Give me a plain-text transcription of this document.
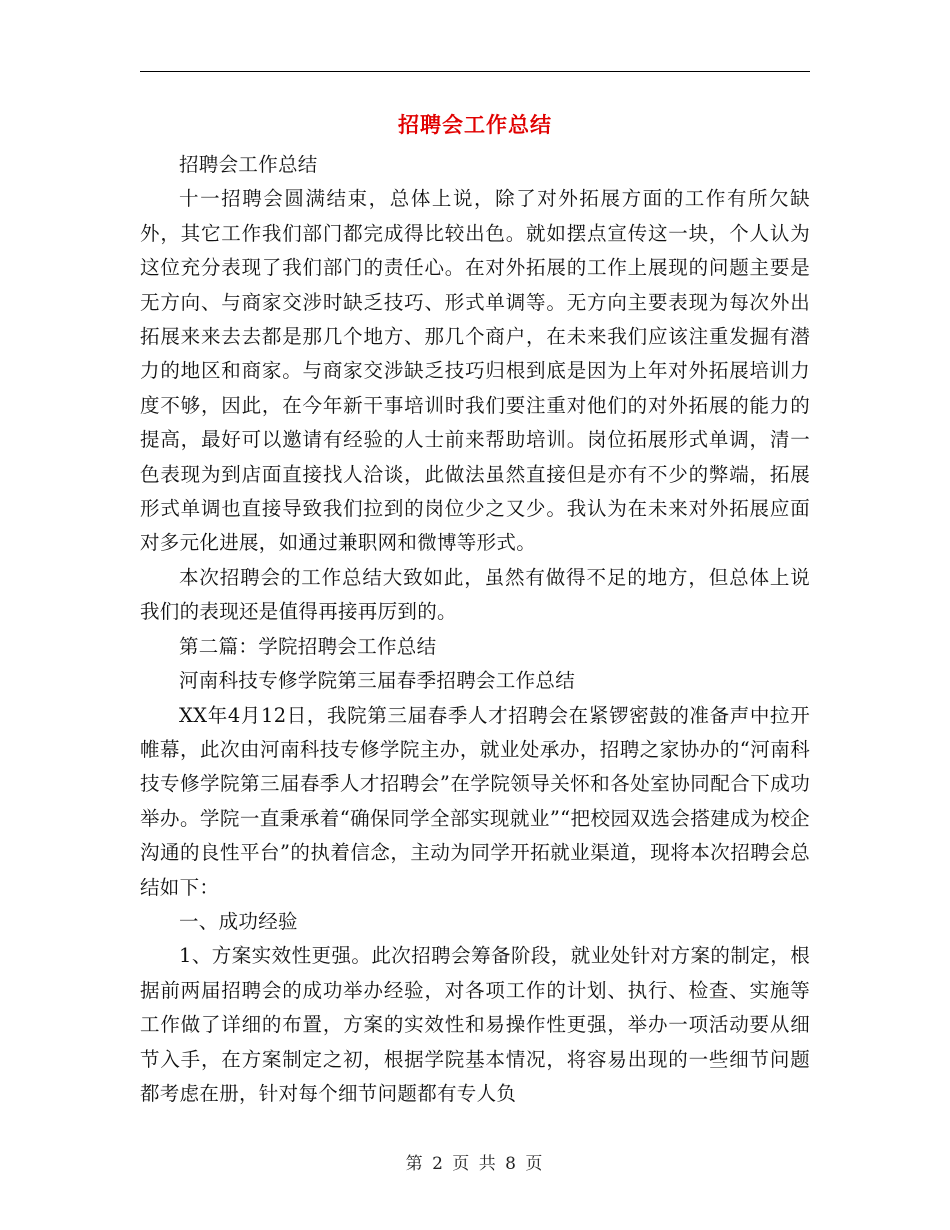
招聘会工作总结

招聘会工作总结

十一招聘会圆满结束，总体上说，除了对外拓展方面的工作有所欠缺外，其它工作我们部门都完成得比较出色。就如摆点宣传这一块，个人认为这位充分表现了我们部门的责任心。在对外拓展的工作上展现的问题主要是无方向、与商家交涉时缺乏技巧、形式单调等。无方向主要表现为每次外出拓展来来去去都是那几个地方、那几个商户，在未来我们应该注重发掘有潜力的地区和商家。与商家交涉缺乏技巧归根到底是因为上年对外拓展培训力度不够，因此，在今年新干事培训时我们要注重对他们的对外拓展的能力的提高，最好可以邀请有经验的人士前来帮助培训。岗位拓展形式单调，清一色表现为到店面直接找人洽谈，此做法虽然直接但是亦有不少的弊端，拓展形式单调也直接导致我们拉到的岗位少之又少。我认为在未来对外拓展应面对多元化进展，如通过兼职网和微博等形式。

本次招聘会的工作总结大致如此，虽然有做得不足的地方，但总体上说我们的表现还是值得再接再厉到的。

第二篇：学院招聘会工作总结

河南科技专修学院第三届春季招聘会工作总结

XX年4月12日，我院第三届春季人才招聘会在紧锣密鼓的准备声中拉开帷幕，此次由河南科技专修学院主办，就业处承办，招聘之家协办的“河南科技专修学院第三届春季人才招聘会”在学院领导关怀和各处室协同配合下成功举办。学院一直秉承着“确保同学全部实现就业”“把校园双选会搭建成为校企沟通的良性平台”的执着信念，主动为同学开拓就业渠道，现将本次招聘会总结如下：

一、成功经验

1、方案实效性更强。此次招聘会筹备阶段，就业处针对方案的制定，根据前两届招聘会的成功举办经验，对各项工作的计划、执行、检查、实施等工作做了详细的布置，方案的实效性和易操作性更强，举办一项活动要从细节入手，在方案制定之初，根据学院基本情况，将容易出现的一些细节问题都考虑在册，针对每个细节问题都有专人负

第 2 页 共 8 页
